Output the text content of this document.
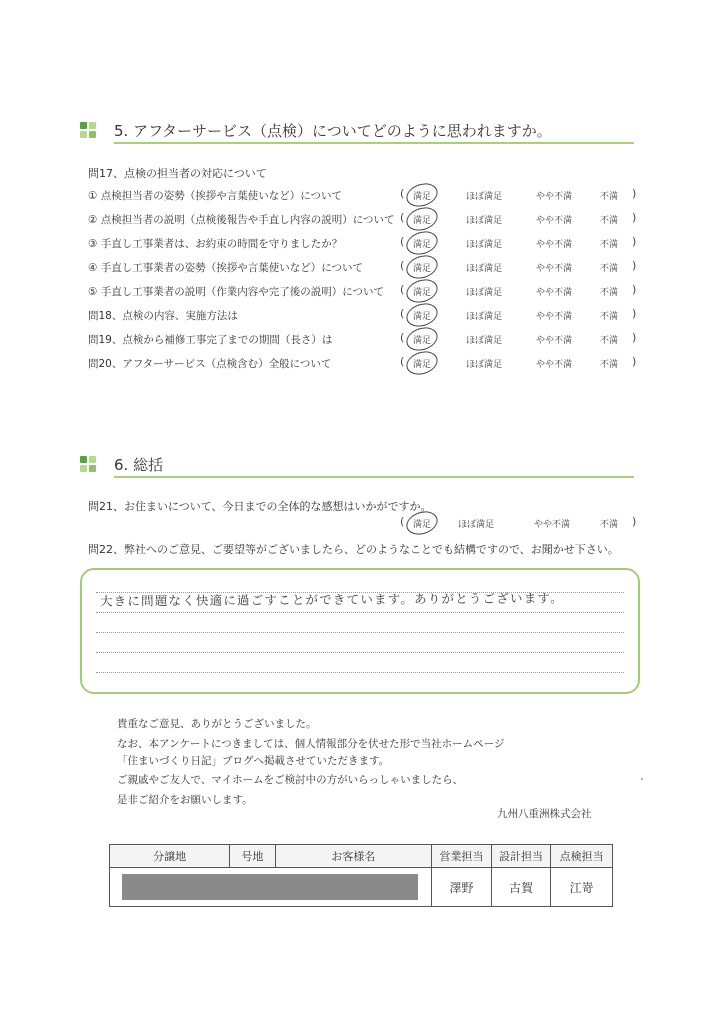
5. アフターサービス（点検）についてどのように思われますか。
問17、点検の担当者の対応について
① 点検担当者の姿勢（挨拶や言葉使いなど）について	( 満足	ほぼ満足	やや不満	不満 )
② 点検担当者の説明（点検後報告や手直し内容の説明）について ( 満足	ほぼ満足	やや不満	不満 )
③ 手直し工事業者は、お約束の時間を守りましたか？	( 満足	ほぼ満足	やや不満	不満 )
④ 手直し工事業者の姿勢（挨拶や言葉使いなど）について	( 満足	ほぼ満足	やや不満	不満 )
⑤ 手直し工事業者の説明（作業内容や完了後の説明）について ( 満足	ほぼ満足	やや不満	不満 )
問18、点検の内容、実施方法は	( 満足	ほぼ満足	やや不満	不満 )
問19、点検から補修工事完了までの期間（長さ）は	( 満足	ほぼ満足	やや不満	不満 )
問20、アフターサービス（点検含む）全般について	( 満足	ほぼ満足	やや不満	不満 )
6. 総括
問21、お住まいについて、今日までの全体的な感想はいかがですか。
( 満足	ほぼ満足	やや不満	不満 )
問22、弊社へのご意見、ご要望等がございましたら、どのようなことでも結構ですので、お聞かせ下さい。
大きに問題なく快適に過ごすことができています。ありがとうございます。
貴重なご意見、ありがとうございました。
なお、本アンケートにつきましては、個人情報部分を伏せた形で当社ホームページ
「住まいづくり日記」ブログへ掲載させていただきます。
ご親戚やご友人で、マイホームをご検討中の方がいらっしゃいましたら、
是非ご紹介をお願いします。
九州八重洲株式会社
分譲地	号地	お客様名	営業担当	設計担当	点検担当
			澤野	古賀	江嵜
